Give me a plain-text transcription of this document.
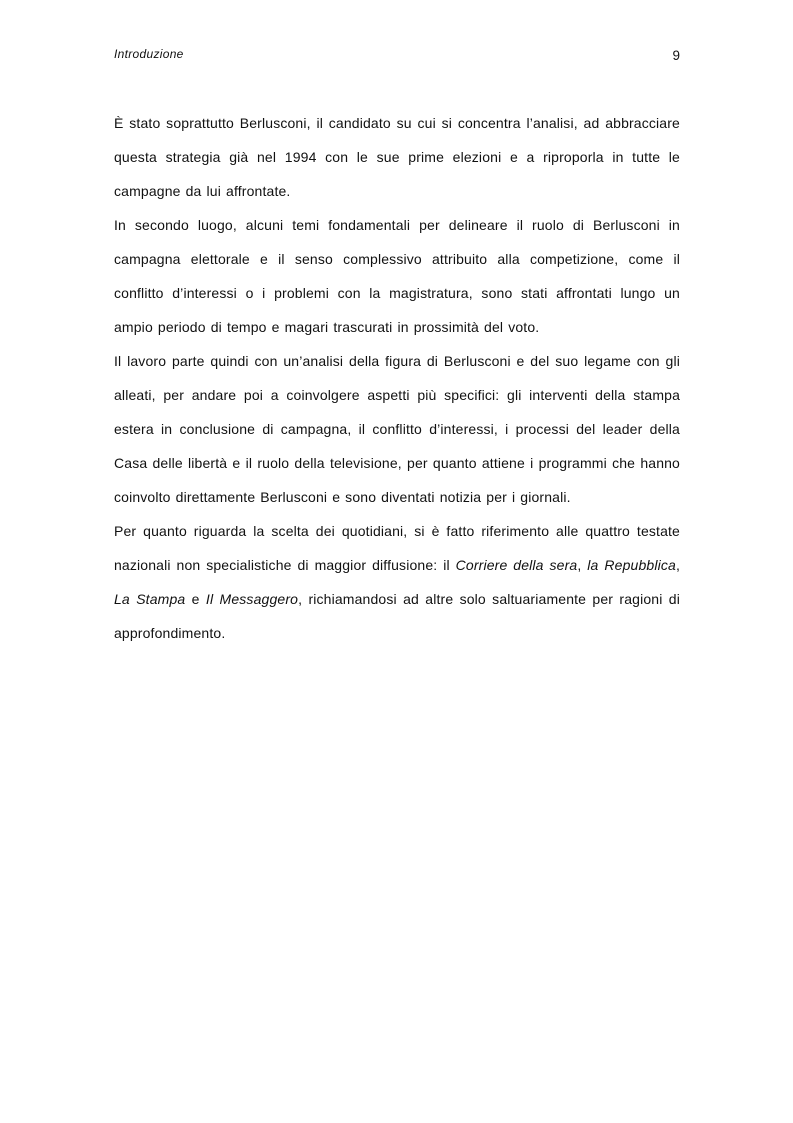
Introduzione	9

È stato soprattutto Berlusconi, il candidato su cui si concentra l’analisi, ad abbracciare questa strategia già nel 1994 con le sue prime elezioni e a riproporla in tutte le campagne da lui affrontate.

In secondo luogo, alcuni temi fondamentali per delineare il ruolo di Berlusconi in campagna elettorale e il senso complessivo attribuito alla competizione, come il conflitto d’interessi o i problemi con la magistratura, sono stati affrontati lungo un ampio periodo di tempo e magari trascurati in prossimità del voto.

Il lavoro parte quindi con un’analisi della figura di Berlusconi e del suo legame con gli alleati, per andare poi a coinvolgere aspetti più specifici: gli interventi della stampa estera in conclusione di campagna, il conflitto d’interessi, i processi del leader della Casa delle libertà e il ruolo della televisione, per quanto attiene i programmi che hanno coinvolto direttamente Berlusconi e sono diventati notizia per i giornali.

Per quanto riguarda la scelta dei quotidiani, si è fatto riferimento alle quattro testate nazionali non specialistiche di maggior diffusione: il Corriere della sera, la Repubblica, La Stampa e Il Messaggero, richiamandosi ad altre solo saltuariamente per ragioni di approfondimento.
